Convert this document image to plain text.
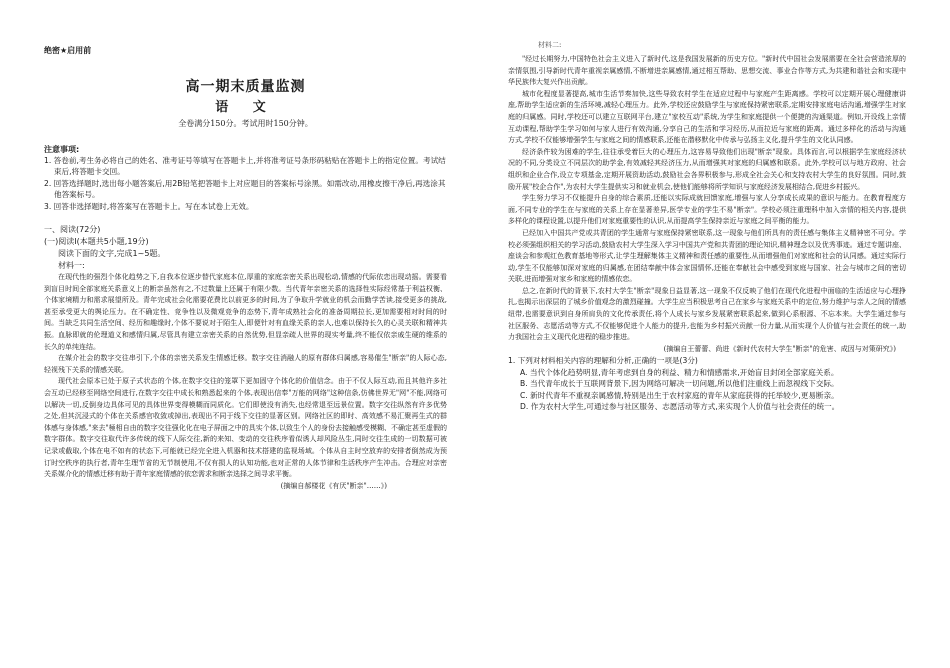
绝密★启用前
高一期末质量监测
语 文
全卷满分150分。考试用时150分钟。
注意事项:

1. 答卷前,考生务必将自己的姓名、准考证号等填写在答题卡上,并将准考证号条形码粘贴在答题卡上的指定位置。考试结束后,将答题卡交回。

2. 回答选择题时,选出每小题答案后,用2B铅笔把答题卡上对应题目的答案标号涂黑。如需改动,用橡皮擦干净后,再选涂其他答案标号。

3. 回答非选择题时,将答案写在答题卡上。写在本试卷上无效。

一、阅读(72分)

(一)阅读Ⅰ(本题共5小题,19分)

阅读下面的文字,完成1~5题。

材料一:

在现代性的强烈个体化趋势之下,自我本位逐步替代家庭本位,厚重的家庭亲密关系出现松动,情感的代际依恋出现动摇。需要看到盲目时间全部家庭关系意义上的断亲虽然有之,不过数量上还属于有限少数。当代青年亲密关系的选择性实际经常基于利益权衡、个体家境精力和需求展望所及。青年完成社会化需要花费比以前更多的时间,为了争取升学就业的机会而勤学苦读,接受更多的挑战,甚至承受更大的舆论压力。在不确定性、竞争性以及微观竞争的态势下,青年成熟社会化的准备周期拉长,更加需要相对时间的时间。当缺乏共同生活空间、经历和趣缘时,个体不要说对于陌生人,即便针对有血缘关系的亲人,也难以保持长久的心灵关联和精神共振。血脉即就的伦理道义和感情归属,尽管具有建立亲密关系的自然优势,但显亲疏人世界的现实考量,终不能仅依亲戚生硬的维系的长久的单纯连结。

在媒介社会的数字交往串引下,个体的亲密关系发生情感迁移。数字交往消融人的原有群体归属感,容易催生"断亲"的人际心态,轻视残下关系的情感关联。

现代社会原本已处于原子式状态的个体,在数字交往的笼罩下更加固守个体化的价值信念。由于不仅人际互动,而且其他许多社会互动已经移至网络空间进行,在数字交往中成长和熟悉起来的个体,表现出信奉"万能的网络"这种信条,仿佛世界无"网"不能,网络可以解决一切,反倒身边具体可见的具体世界变得模糊而同质化。它们即使没有消失,也经常退至远景位置。数字交往纵然有许多优势之处,但其沉浸式的个体在关系感官收敛或掉出,表现出不同于线下交往的显著区别。网络社区的即时、高效感不易汇聚再生式的群体感与身体感,"来去"極相自由的数字交往强化化在电子屏面之中的具实个体,以致生个人的身份去接触感受模糊、不确定甚至虚假的数字群体。数字交往取代许多传统的线下人际交往,新的来知、变动的交往秩序看似诱人却风险丛生,同时交往生成的一切数据可被记录或截取,个体在电不如有的状态下,可能就已经完全进入机器和技术搭建的监视场域。个体从自主时空放弃的安排者倒然成为预订时空秩序的执行者,青年生理节省的无节制使用,不仅有损人的认知功能,也对正常的人体节律和生活秩序产生冲击。合理应对亲密关系媒介化的情感迁移有助于青年家庭情感的依恋需求和断亲选择之间寻求平衡。

(摘编自郝楼花《有厌"断亲"……》)

材料二:

"经过长期努力,中国特色社会主义进入了新时代,这是我国发展新的历史方位。"新时代中国社会发展需要在全社会营造浓厚的亲情氛围,引导新时代青年重视亲属感情,不断增进亲属感情,通过相互帮助、思想交流、事业合作等方式,为共建和谐社会和实现中华民族伟大复兴作出贡献。

城市化程度显著提高,城市生活节奏加快,这些导致农村学生在适应过程中与家庭产生距离感。学校可以定期开展心理健康讲座,帮助学生适应新的生活环境,减轻心理压力。此外,学校还应鼓励学生与家庭保持紧密联系,定期安排家庭电话沟通,增强学生对家庭的归属感。同时,学校还可以建立互联网平台,建立"家校互动"系统,为学生和家庭提供一个便捷的沟通渠道。例如,开设线上亲情互动课程,帮助学生学习如何与家人进行有效沟通,分享自己的生活和学习经历,从而拉近与家庭的距离。通过多样化的活动与沟通方式,学校不仅能够增强学生与家庭之间的情感联系,还能在潜移默化中传承与弘扬主义化,提升学生的文化认同感。

经济条件较为困难的学生,往往承受着巨大的心理压力,这容易导致他们出现"断亲"现象。具体而言,可以根据学生家庭经济状况的不同,分类设立不同层次的助学金,有效减轻其经济压力,从而增强其对家庭的归属感和联系。此外,学校可以与地方政府、社会组织和企业合作,设立专项基金,定期开展资助活动,鼓励社会各界积极参与,形成全社会关心和支持农村大学生的良好氛围。同时,鼓励开展"校企合作",为农村大学生提供实习和就业机会,使他们能够将所学知识与家庭经济发展相结合,促进乡村振兴。

学生努力学习不仅能提升自身的综合素质,还能以实际成就回馈家庭,增强与家人分享成长成果的意识与能力。在教育程度方面,不同专业的学生在与家庭的关系上存在显著差异,医学专业的学生不易"断亲"。学校必须注重理科中加入亲情的相关内容,提供多样化的课程设置,以提升他们对家庭重要性的认识,从而提高学生保持亲近与家庭之间平衡的能力。

已经加入中国共产党或共青团的学生通常与家庭保持紧密联系,这一现象与他们所具有的责任感与集体主义精神密不可分。学校必须强组织相关的学习活动,鼓励农村大学生深入学习中国共产党和共青团的理论知识,精神理念以及优秀事迹。通过专题讲座、座谈会和参观红色教育基地等形式,让学生理解集体主义精神和责任感的重要性,从而增强他们对家庭和社会的认同感。通过实际行动,学生不仅能够加深对家庭的归属感,在团结奉献中体会家国情怀,还能在奉献社会中感受到家庭与国家、社会与城市之间的密切关联,进而增强对家乡和家庭的情感依恋。

总之,在新时代的背景下,农村大学生"断亲"现象日益显著,这一现象不仅反映了他们在现代化进程中面临的生活适应与心理挣扎,也揭示出深层的了城乡价值观念的激烈碰撞。大学生应当积极思考自己在家乡与家庭关系中的定位,努力维护与亲人之间的情感纽带,也需要意识到自身所肩负的文化传承责任,将个人成长与家乡发展紧密联系起来,做到心系根源、不忘本来。大学生通过参与社区服务、志愿活动等方式,不仅能够促进个人能力的提升,也能为乡村振兴贡献一份力量,从而实现个人价值与社会责任的统一,助力我国社会主义现代化进程的稳步推进。

(摘编自王蕾蕾、尚进《新时代农村大学生"断亲"的危害、成因与对策研究》)

1. 下列对材料相关内容的理解和分析,正确的一项是(3分)

A. 当代个体化趋势明显,青年考虑到自身的利益、精力和情感需求,开始盲目封闭全部家庭关系。

B. 当代青年成长于互联网背景下,因为网络可解决一切问题,所以他们注重线上而忽视线下交际。

C. 新时代青年不重视亲属感情,特别是出生于农村家庭的青年从家庭获得的托举较少,更易断亲。

D. 作为农村大学生,可通过参与社区服务、志愿活动等方式,来实现个人价值与社会责任的统一。
